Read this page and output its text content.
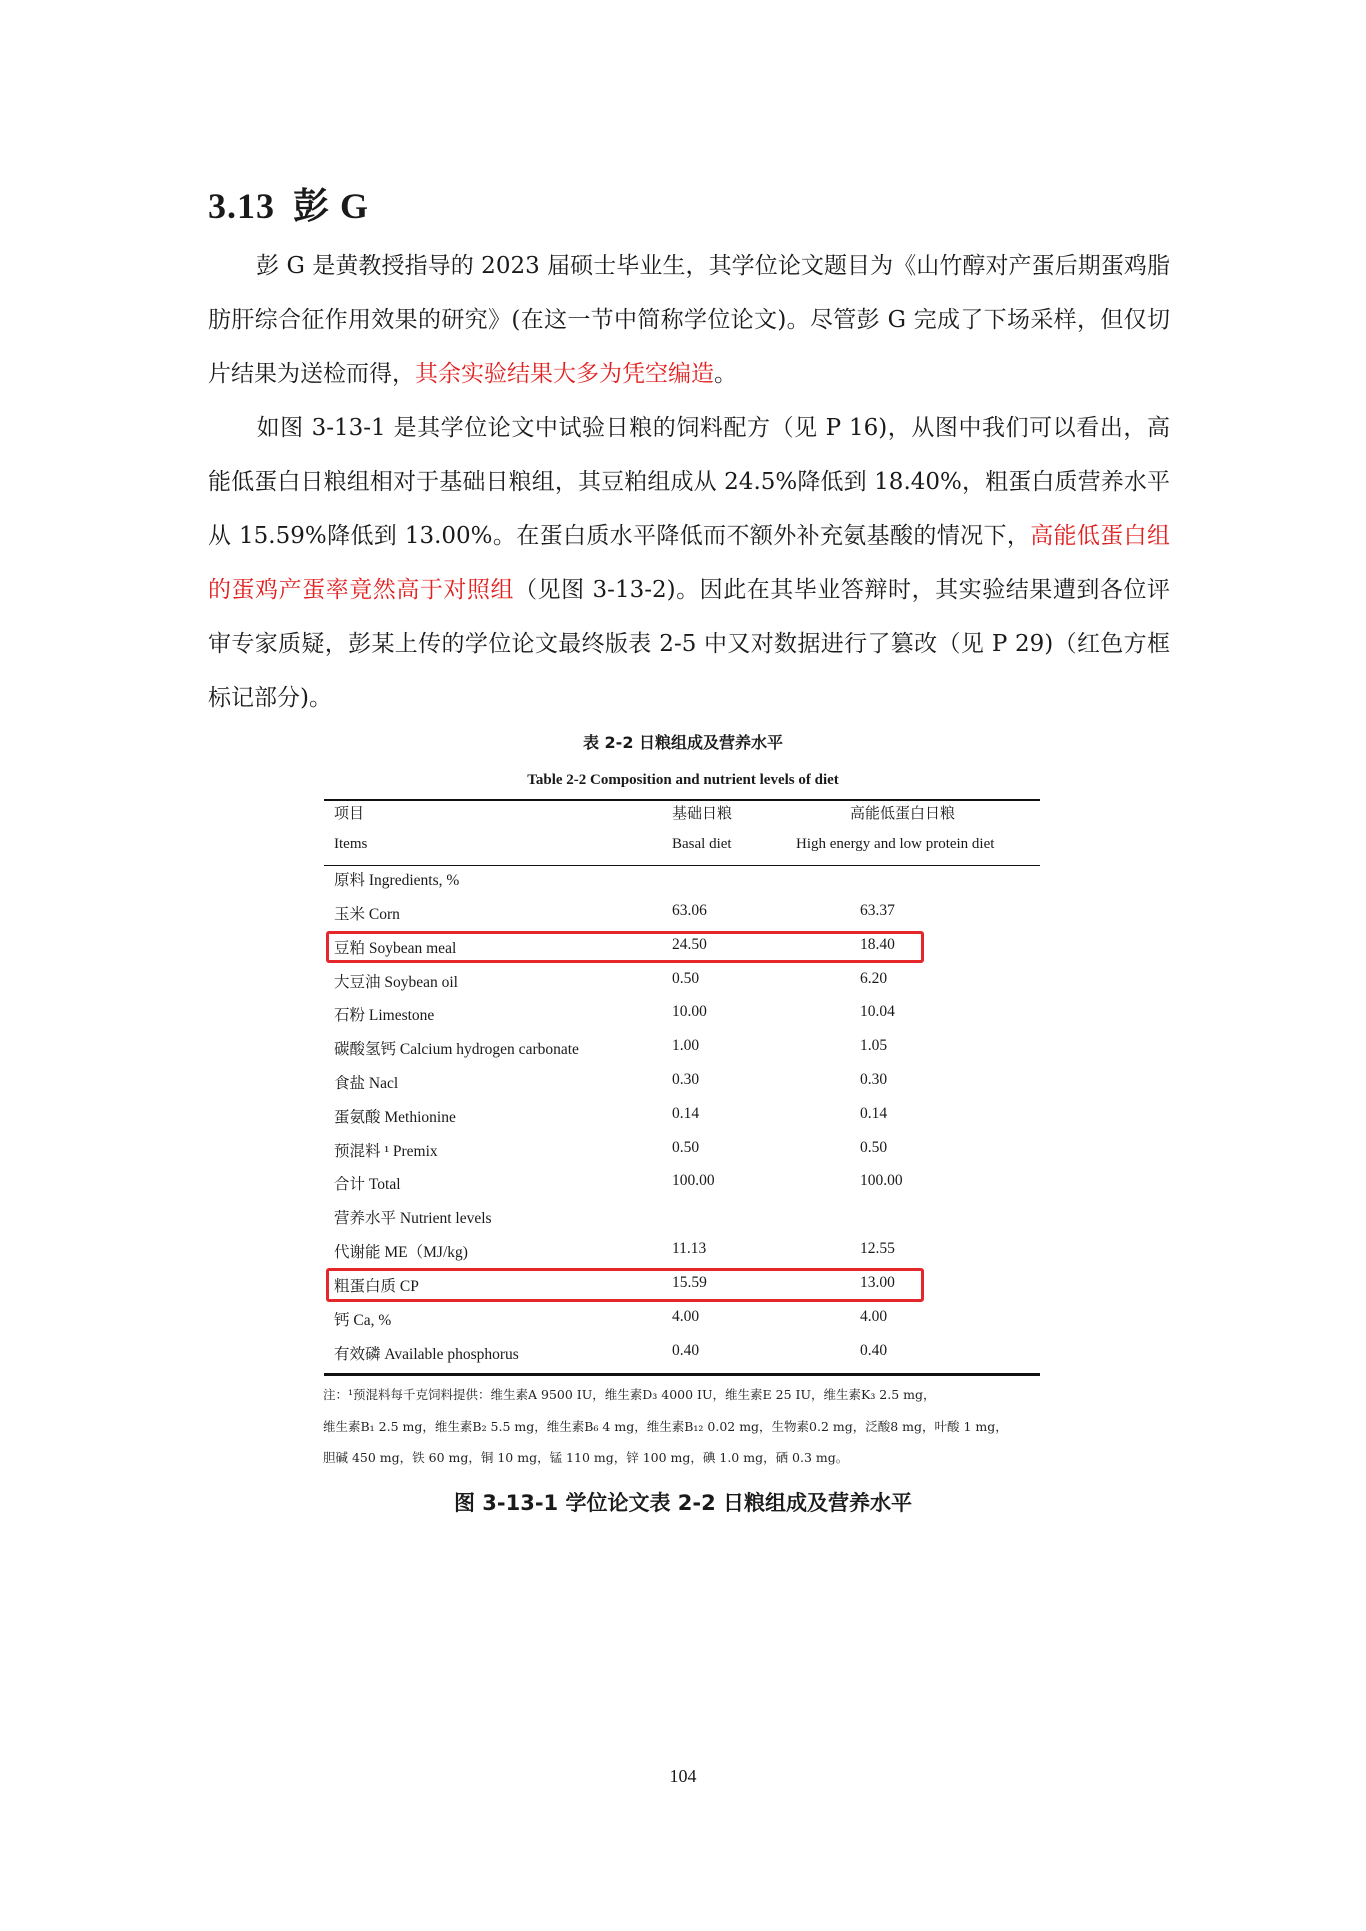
3.13 彭 G
彭 G 是黄教授指导的 2023 届硕士毕业生，其学位论文题目为《山竹醇对产蛋后期蛋鸡脂肪肝综合征作用效果的研究》(在这一节中简称学位论文)。尽管彭 G 完成了下场采样，但仅切片结果为送检而得，其余实验结果大多为凭空编造。
如图 3-13-1 是其学位论文中试验日粮的饲料配方（见 P 16)，从图中我们可以看出，高能低蛋白日粮组相对于基础日粮组，其豆粕组成从 24.5%降低到 18.40%，粗蛋白质营养水平从 15.59%降低到 13.00%。在蛋白质水平降低而不额外补充氨基酸的情况下，高能低蛋白组的蛋鸡产蛋率竟然高于对照组（见图 3-13-2)。因此在其毕业答辩时，其实验结果遭到各位评审专家质疑，彭某上传的学位论文最终版表 2-5 中又对数据进行了篡改（见 P 29)（红色方框标记部分)。
表 2-2 日粮组成及营养水平
Table 2-2 Composition and nutrient levels of diet
项目	基础日粮	高能低蛋白日粮
Items	Basal diet	High energy and low protein diet
原料 Ingredients, %
玉米 Corn	63.06	63.37
豆粕 Soybean meal	24.50	18.40
大豆油 Soybean oil	0.50	6.20
石粉 Limestone	10.00	10.04
碳酸氢钙 Calcium hydrogen carbonate	1.00	1.05
食盐 Nacl	0.30	0.30
蛋氨酸 Methionine	0.14	0.14
预混料 ¹ Premix	0.50	0.50
合计 Total	100.00	100.00
营养水平 Nutrient levels
代谢能 ME（MJ/kg)	11.13	12.55
粗蛋白质 CP	15.59	13.00
钙 Ca, %	4.00	4.00
有效磷 Available phosphorus	0.40	0.40
注：¹预混料每千克饲料提供：维生素A 9500 IU，维生素D₃ 4000 IU，维生素E 25 IU，维生素K₃ 2.5 mg，
维生素B₁ 2.5 mg，维生素B₂ 5.5 mg，维生素B₆ 4 mg，维生素B₁₂ 0.02 mg，生物素0.2 mg，泛酸8 mg，叶酸 1 mg，
胆碱 450 mg，铁 60 mg，铜 10 mg，锰 110 mg，锌 100 mg，碘 1.0 mg，硒 0.3 mg。
图 3-13-1 学位论文表 2-2 日粮组成及营养水平
104
